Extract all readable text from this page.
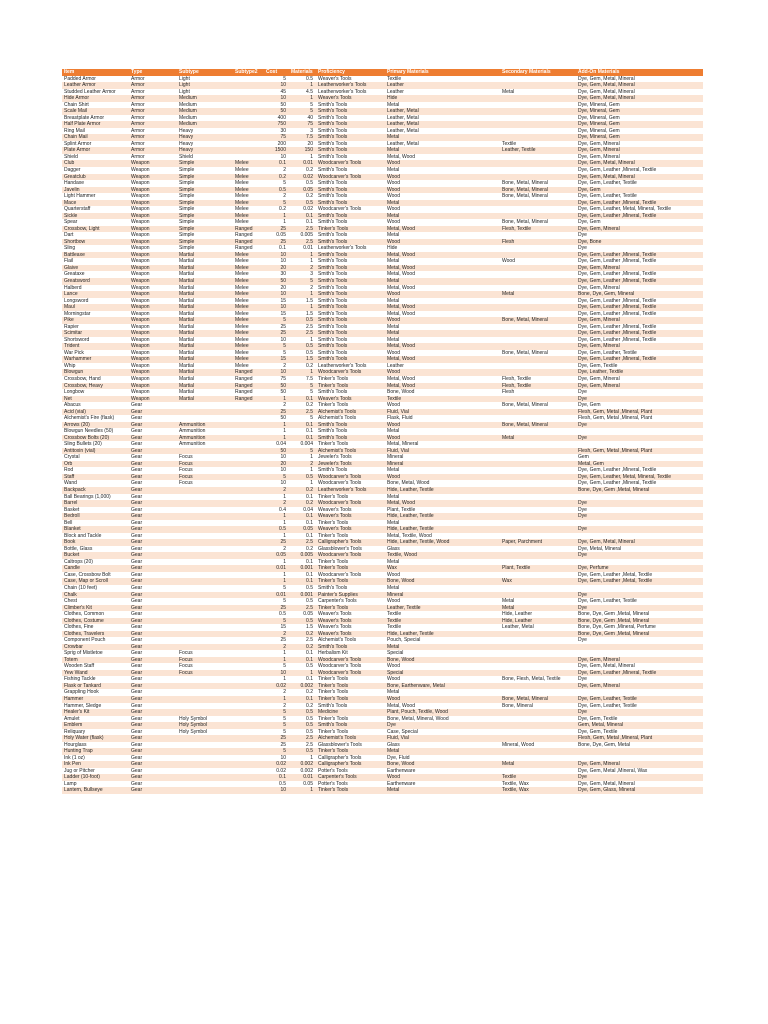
Item	Type	Subtype	Subtype2	Cost	Materials	Proficiency	Primary Materials	Secondary Materials	Add-On Materials
Padded Armor	Armor	Light		5	0.5	Weaver's Tools	Textile		Dye, Gem, Metal, Mineral
Leather Armor	Armor	Light		10	1	Leatherworker's Tools	Leather		Dye, Gem, Metal, Mineral
Studded Leather Armor	Armor	Light		45	4.5	Leatherworker's Tools	Leather	Metal	Dye, Gem, Metal, Mineral
Hide Armor	Armor	Medium		10	1	Weaver's Tools	Hide		Dye, Gem, Metal, Mineral
Chain Shirt	Armor	Medium		50	5	Smith's Tools	Metal		Dye, Mineral, Gem
Scale Mail	Armor	Medium		50	5	Smith's Tools	Leather, Metal		Dye, Mineral, Gem
Breastplate Armor	Armor	Medium		400	40	Smith's Tools	Leather, Metal		Dye, Mineral, Gem
Half Plate Armor	Armor	Medium		750	75	Smith's Tools	Leather, Metal		Dye, Mineral, Gem
Ring Mail	Armor	Heavy		30	3	Smith's Tools	Leather, Metal		Dye, Mineral, Gem
Chain Mail	Armor	Heavy		75	7.5	Smith's Tools	Metal		Dye, Mineral, Gem
Splint Armor	Armor	Heavy		200	20	Smith's Tools	Leather, Metal	Textile	Dye, Gem, Mineral
Plate Armor	Armor	Heavy		1500	150	Smith's Tools	Metal	Leather, Textile	Dye, Gem, Mineral
Shield	Armor	Shield		10	1	Smith's Tools	Metal, Wood		Dye, Gem, Mineral
Club	Weapon	Simple	Melee	0.1	0.01	Woodcarver's Tools	Wood		Dye, Gem, Metal, Mineral
Dagger	Weapon	Simple	Melee	2	0.2	Smith's Tools	Metal		Dye, Gem, Leather ,Mineral, Textile
Greatclub	Weapon	Simple	Melee	0.2	0.02	Woodcarver's Tools	Wood		Dye, Gem, Metal, Mineral
Handaxe	Weapon	Simple	Melee	5	0.5	Smith's Tools	Wood	Bone, Metal, Mineral	Dye, Gem, Leather, Textile
Javelin	Weapon	Simple	Melee	0.5	0.05	Smith's Tools	Wood	Bone, Metal, Mineral	Dye, Gem
Light Hammer	Weapon	Simple	Melee	2	0.2	Smith's Tools	Wood	Bone, Metal, Mineral	Dye, Gem, Leather, Textile
Mace	Weapon	Simple	Melee	5	0.5	Smith's Tools	Metal		Dye, Gem, Leather ,Mineral, Textile
Quarterstaff	Weapon	Simple	Melee	0.2	0.02	Woodcarver's Tools	Wood		Dye, Gem, Leather, Metal, Mineral, Textile
Sickle	Weapon	Simple	Melee	1	0.1	Smith's Tools	Metal		Dye, Gem, Leather ,Mineral, Textile
Spear	Weapon	Simple	Melee	1	0.1	Smith's Tools	Wood	Bone, Metal, Mineral	Dye, Gem
Crossbow, Light	Weapon	Simple	Ranged	25	2.5	Tinker's Tools	Metal, Wood	Flesh, Textile	Dye, Gem, Mineral
Dart	Weapon	Simple	Ranged	0.05	0.005	Smith's Tools	Metal		Dye
Shortbow	Weapon	Simple	Ranged	25	2.5	Smith's Tools	Wood	Flesh	Dye, Bone
Sling	Weapon	Simple	Ranged	0.1	0.01	Leatherworker's Tools	Hide		Dye
Battleaxe	Weapon	Martial	Melee	10	1	Smith's Tools	Metal, Wood		Dye, Gem, Leather ,Mineral, Textile
Flail	Weapon	Martial	Melee	10	1	Smith's Tools	Metal	Wood	Dye, Gem, Leather ,Mineral, Textile
Glaive	Weapon	Martial	Melee	20	2	Smith's Tools	Metal, Wood		Dye, Gem, Mineral
Greataxe	Weapon	Martial	Melee	30	3	Smith's Tools	Metal, Wood		Dye, Gem, Leather ,Mineral, Textile
Greatsword	Weapon	Martial	Melee	50	5	Smith's Tools	Metal		Dye, Gem, Leather ,Mineral, Textile
Halberd	Weapon	Martial	Melee	20	2	Smith's Tools	Metal, Wood		Dye, Gem, Mineral
Lance	Weapon	Martial	Melee	10	1	Smith's Tools	Wood	Metal	Bone, Dye, Gem, Mineral
Longsword	Weapon	Martial	Melee	15	1.5	Smith's Tools	Metal		Dye, Gem, Leather ,Mineral, Textile
Maul	Weapon	Martial	Melee	10	1	Smith's Tools	Metal, Wood		Dye, Gem, Leather ,Mineral, Textile
Morningstar	Weapon	Martial	Melee	15	1.5	Smith's Tools	Metal, Wood		Dye, Gem, Leather ,Mineral, Textile
Pike	Weapon	Martial	Melee	5	0.5	Smith's Tools	Wood	Bone, Metal, Mineral	Dye, Gem, Mineral
Rapier	Weapon	Martial	Melee	25	2.5	Smith's Tools	Metal		Dye, Gem, Leather ,Mineral, Textile
Scimitar	Weapon	Martial	Melee	25	2.5	Smith's Tools	Metal		Dye, Gem, Leather ,Mineral, Textile
Shortsword	Weapon	Martial	Melee	10	1	Smith's Tools	Metal		Dye, Gem, Leather ,Mineral, Textile
Trident	Weapon	Martial	Melee	5	0.5	Smith's Tools	Metal, Wood		Dye, Gem, Mineral
War Pick	Weapon	Martial	Melee	5	0.5	Smith's Tools	Wood	Bone, Metal, Mineral	Dye, Gem, Leather, Textile
Warhammer	Weapon	Martial	Melee	15	1.5	Smith's Tools	Metal, Wood		Dye, Gem, Leather ,Mineral, Textile
Whip	Weapon	Martial	Melee	2	0.2	Leatherworker's Tools	Leather		Dye, Gem, Textile
Blowgun	Weapon	Martial	Ranged	10	1	Woodcarver's Tools	Wood		Dye, Leather, Textile
Crossbow, Hand	Weapon	Martial	Ranged	75	7.5	Tinker's Tools	Metal, Wood	Flesh, Textile	Dye, Gem, Mineral
Crossbow, Heavy	Weapon	Martial	Ranged	50	5	Tinker's Tools	Metal, Wood	Flesh, Textile	Dye, Gem, Mineral
Longbow	Weapon	Martial	Ranged	50	5	Smith's Tools	Bone, Wood	Flesh	Dye
Net	Weapon	Martial	Ranged	1	0.1	Weaver's Tools	Textile		Dye
Abacus	Gear			2	0.2	Tinker's Tools	Wood	Bone, Metal, Mineral	Dye, Gem
Acid (vial)	Gear			25	2.5	Alchemist's Tools	Fluid, Vial		Flesh, Gem, Metal ,Mineral, Plant
Alchemist's Fire (flask)	Gear			50	5	Alchemist's Tools	Flask, Fluid		Flesh, Gem, Metal ,Mineral, Plant
Arrows (20)	Gear	Ammunition		1	0.1	Smith's Tools	Wood	Bone, Metal, Mineral	Dye
Blowgun Needles (50)	Gear	Ammunition		1	0.1	Smith's Tools	Metal		
Crossbow Bolts (20)	Gear	Ammunition		1	0.1	Smith's Tools	Wood	Metal	Dye
Sling Bullets (20)	Gear	Ammunition		0.04	0.004	Tinker's Tools	Metal, Mineral		
Antitoxin (vial)	Gear			50	5	Alchemist's Tools	Fluid, Vial		Flesh, Gem, Metal ,Mineral, Plant
Crystal	Gear	Focus		10	1	Jeweler's Tools	Mineral		Gem
Orb	Gear	Focus		20	2	Jeweler's Tools	Mineral		Metal, Gem
Rod	Gear	Focus		10	1	Smith's Tools	Metal		Dye, Gem, Leather ,Mineral, Textile
Staff	Gear	Focus		5	0.5	Woodcarver's Tools	Wood		Dye, Gem, Leather, Metal, Mineral, Textile
Wand	Gear	Focus		10	1	Woodcarver's Tools	Bone, Metal, Wood		Dye, Gem, Leather ,Mineral, Textile
Backpack	Gear			2	0.2	Leatherworker's Tools	Hide, Leather, Textile		Bone, Dye, Gem ,Metal, Mineral
Ball Bearings (1,000)	Gear			1	0.1	Tinker's Tools	Metal		
Barrel	Gear			2	0.2	Woodcarver's Tools	Metal, Wood		Dye
Basket	Gear			0.4	0.04	Weaver's Tools	Plant, Textile		Dye
Bedroll	Gear			1	0.1	Weaver's Tools	Hide, Leather, Textile		Dye
Bell	Gear			1	0.1	Tinker's Tools	Metal		
Blanket	Gear			0.5	0.05	Weaver's Tools	Hide, Leather, Textile		Dye
Block and Tackle	Gear			1	0.1	Tinker's Tools	Metal, Textile, Wood		
Book	Gear			25	2.5	Calligrapher's Tools	Hide, Leather, Textile, Wood	Paper, Parchment	Dye, Gem, Metal, Mineral
Bottle, Glass	Gear			2	0.2	Glassblower's Tools	Glass		Dye, Metal, Mineral
Bucket	Gear			0.05	0.005	Woodcarver's Tools	Textile, Wood		Dye
Caltrops (20)	Gear			1	0.1	Tinker's Tools	Metal		
Candle	Gear			0.01	0.001	Tinker's Tools	Wax	Plant, Textile	Dye, Perfume
Case, Crossbow Bolt	Gear			1	0.1	Woodcarver's Tools	Wood		Dye, Gem, Leather ,Metal, Textile
Case, Map or Scroll	Gear			1	0.1	Tinker's Tools	Bone, Wood	Wax	Dye, Gem, Leather ,Metal, Textile
Chain (10 feet)	Gear			5	0.5	Smith's Tools	Metal		
Chalk	Gear			0.01	0.001	Painter's Supplies	Mineral		Dye
Chest	Gear			5	0.5	Carpenter's Tools	Wood	Metal	Dye, Gem, Leather, Textile
Climber's Kit	Gear			25	2.5	Tinker's Tools	Leather, Textile	Metal	Dye
Clothes, Common	Gear			0.5	0.05	Weaver's Tools	Textile	Hide, Leather	Bone, Dye, Gem ,Metal, Mineral
Clothes, Costume	Gear			5	0.5	Weaver's Tools	Textile	Hide, Leather	Bone, Dye, Gem ,Metal, Mineral
Clothes, Fine	Gear			15	1.5	Weaver's Tools	Textile	Leather, Metal	Bone, Dye, Gem ,Mineral, Perfume
Clothes, Travelers	Gear			2	0.2	Weaver's Tools	Hide, Leather, Textile		Bone, Dye, Gem ,Metal, Mineral
Component Pouch	Gear			25	2.5	Alchemist's Tools	Pouch, Special		Dye
Crowbar	Gear			2	0.2	Smith's Tools	Metal		
Sprig of Mistletoe	Gear	Focus		1	0.1	Herbalism Kit	Special		
Totem	Gear	Focus		1	0.1	Woodcarver's Tools	Bone, Wood		Dye, Gem, Mineral
Wooden Staff	Gear	Focus		5	0.5	Woodcarver's Tools	Wood		Dye, Gem, Metal, Mineral
Yew Wand	Gear	Focus		10	1	Woodcarver's Tools	Special		Dye, Gem, Leather ,Mineral, Textile
Fishing Tackle	Gear			1	0.1	Tinker's Tools	Wood	Bone, Flesh, Metal, Textile	Dye
Flask or Tankard	Gear			0.02	0.002	Tinker's Tools	Bone, Earthenware, Metal		Dye, Gem, Mineral
Grappling Hook	Gear			2	0.2	Tinker's Tools	Metal		
Hammer	Gear			1	0.1	Tinker's Tools	Wood	Bone, Metal, Mineral	Dye, Gem, Leather, Textile
Hammer, Sledge	Gear			2	0.2	Smith's Tools	Metal, Wood	Bone, Mineral	Dye, Gem, Leather, Textile
Healer's Kit	Gear			5	0.5	Medicine	Plant, Pouch, Textile, Wood		Dye
Amulet	Gear	Holy Symbol		5	0.5	Tinker's Tools	Bone, Metal, Mineral, Wood		Dye, Gem, Textile
Emblem	Gear	Holy Symbol		5	0.5	Smith's Tools	Dye		Gem, Metal, Mineral
Reliquary	Gear	Holy Symbol		5	0.5	Tinker's Tools	Case, Special		Dye, Gem, Textile
Holy Water (flask)	Gear			25	2.5	Alchemist's Tools	Fluid, Vial		Flesh, Gem, Metal ,Mineral, Plant
Hourglass	Gear			25	2.5	Glassblower's Tools	Glass	Mineral, Wood	Bone, Dye, Gem, Metal
Hunting Trap	Gear			5	0.5	Tinker's Tools	Metal		
Ink (1 oz)	Gear			10	1	Calligrapher's Tools	Dye, Fluid		
Ink Pen	Gear			0.02	0.002	Calligrapher's Tools	Bone, Wood	Metal	Dye, Gem, Mineral
Jug or Pitcher	Gear			0.02	0.002	Potter's Tools	Earthenware		Dye, Gem, Metal ,Mineral, Wax
Ladder (10-foot)	Gear			0.1	0.01	Carpenter's Tools	Wood	Textile	Dye
Lamp	Gear			0.5	0.05	Potter's Tools	Earthenware	Textile, Wax	Dye, Gem, Metal, Mineral
Lantern, Bullseye	Gear			10	1	Tinker's Tools	Metal	Textile, Wax	Dye, Gem, Glass, Mineral
